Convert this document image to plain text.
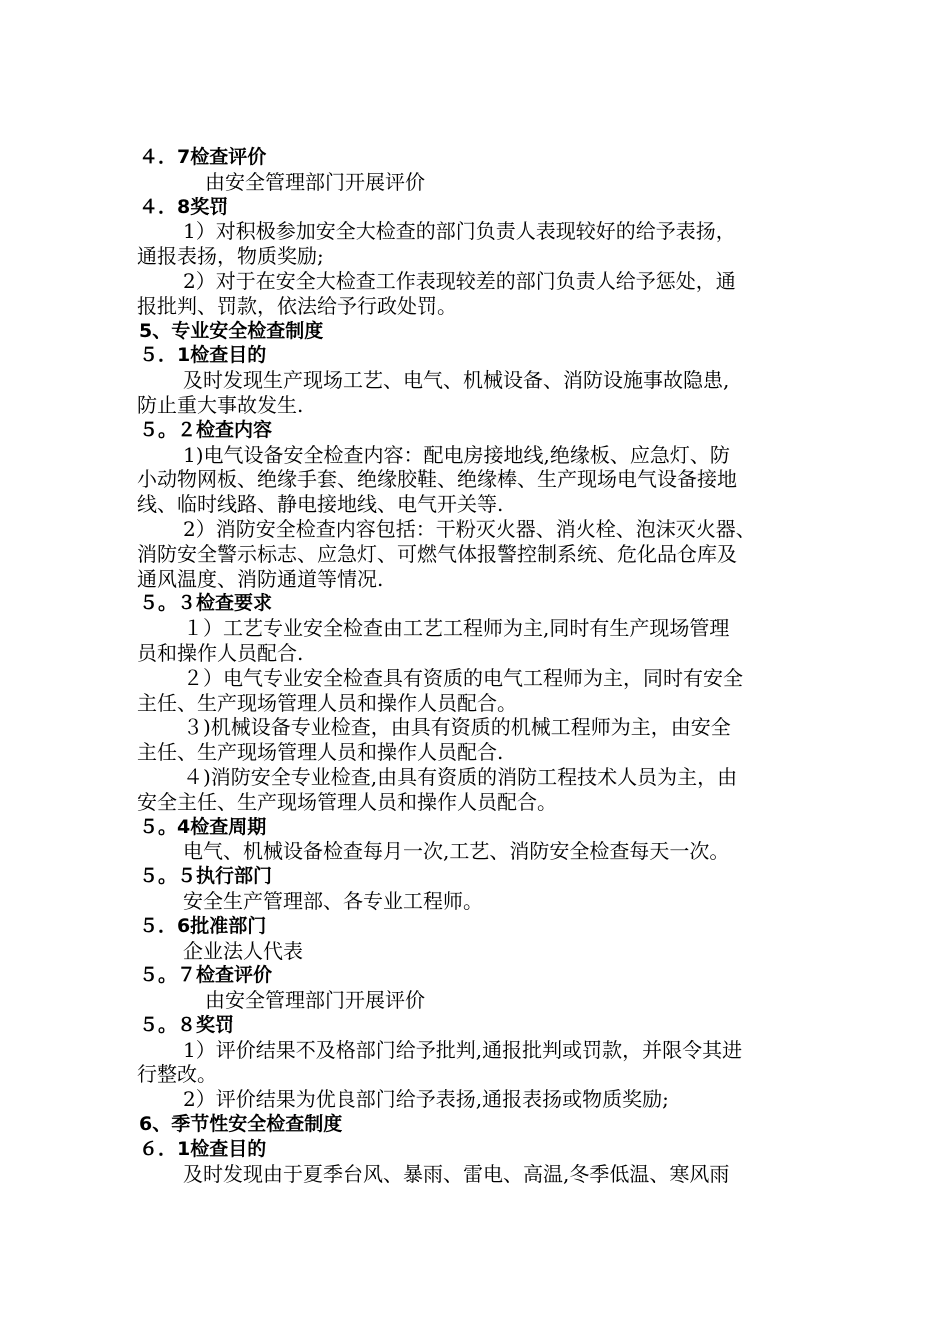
４．7检查评价
由安全管理部门开展评价
４．8奖罚
1）对积极参加安全大检查的部门负责人表现较好的给予表扬，
通报表扬，物质奖励;
2）对于在安全大检查工作表现较差的部门负责人给予惩处，通
报批判、罚款，依法给予行政处罚。
5、专业安全检查制度
５．1检查目的
及时发现生产现场工艺、电气、机械设备、消防设施事故隐患,
防止重大事故发生.
５。２检查内容
1)电气设备安全检查内容：配电房接地线,绝缘板、应急灯、防
小动物网板、绝缘手套、绝缘胶鞋、绝缘棒、生产现场电气设备接地
线、临时线路、静电接地线、电气开关等.
2）消防安全检查内容包括：干粉灭火器、消火栓、泡沫灭火器、
消防安全警示标志、应急灯、可燃气体报警控制系统、危化品仓库及
通风温度、消防通道等情况.
５。３检查要求
１）工艺专业安全检查由工艺工程师为主,同时有生产现场管理
员和操作人员配合.
２）电气专业安全检查具有资质的电气工程师为主，同时有安全
主任、生产现场管理人员和操作人员配合。
３)机械设备专业检查，由具有资质的机械工程师为主，由安全
主任、生产现场管理人员和操作人员配合.
４)消防安全专业检查,由具有资质的消防工程技术人员为主，由
安全主任、生产现场管理人员和操作人员配合。
５。4检查周期
电气、机械设备检查每月一次,工艺、消防安全检查每天一次。
５。５执行部门
安全生产管理部、各专业工程师。
５．6批准部门
企业法人代表
５。７检查评价
由安全管理部门开展评价
５。８奖罚
1）评价结果不及格部门给予批判,通报批判或罚款，并限令其进
行整改。
2）评价结果为优良部门给予表扬,通报表扬或物质奖励;
6、季节性安全检查制度
６．1检查目的
及时发现由于夏季台风、暴雨、雷电、高温,冬季低温、寒风雨
